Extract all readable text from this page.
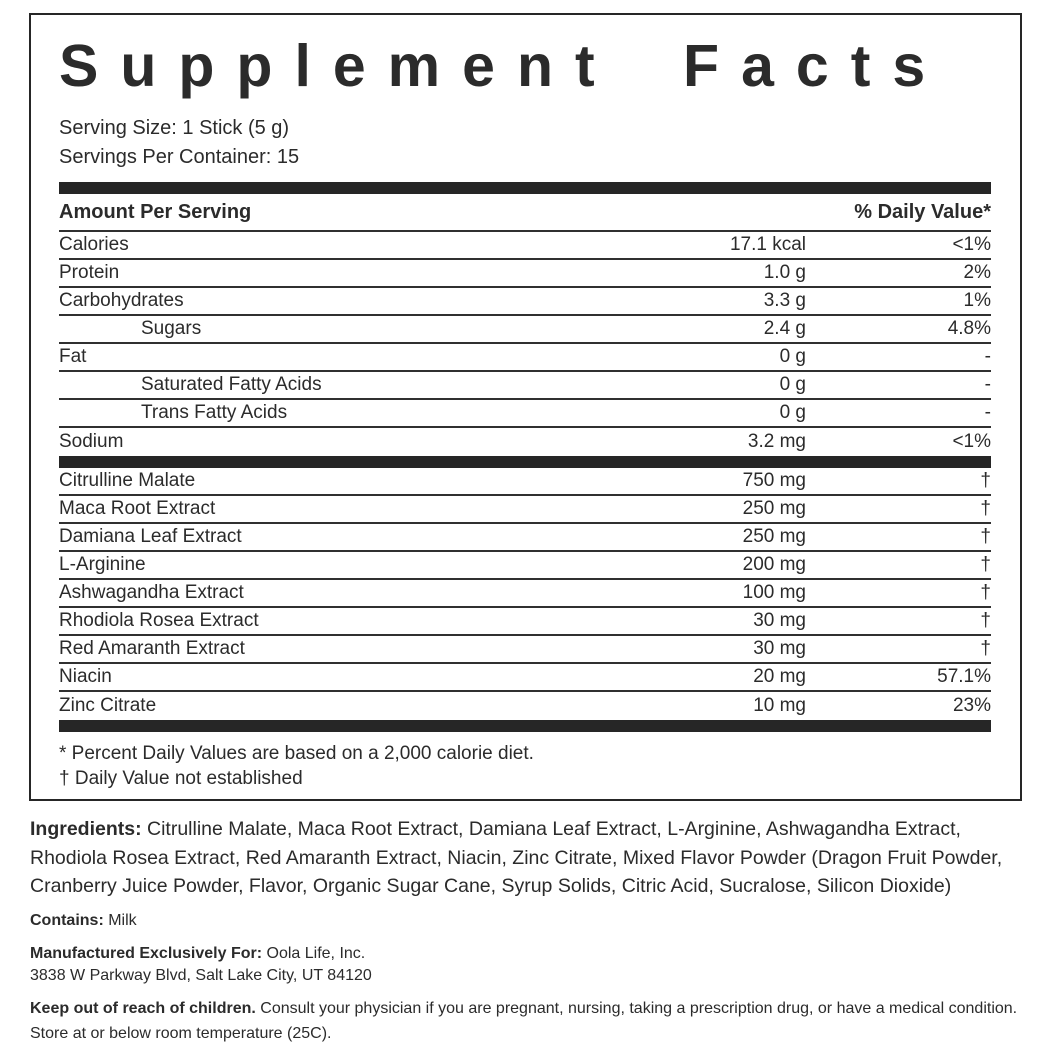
Supplement Facts
Serving Size: 1 Stick (5 g)
Servings Per Container: 15
Amount Per Serving	% Daily Value*
Calories	17.1 kcal	<1%
Protein	1.0 g	2%
Carbohydrates	3.3 g	1%
Sugars	2.4 g	4.8%
Fat	0 g	-
Saturated Fatty Acids	0 g	-
Trans Fatty Acids	0 g	-
Sodium	3.2 mg	<1%
Citrulline Malate	750 mg	†
Maca Root Extract	250 mg	†
Damiana Leaf Extract	250 mg	†
L-Arginine	200 mg	†
Ashwagandha Extract	100 mg	†
Rhodiola Rosea Extract	30 mg	†
Red Amaranth Extract	30 mg	†
Niacin	20 mg	57.1%
Zinc Citrate	10 mg	23%
* Percent Daily Values are based on a 2,000 calorie diet.
† Daily Value not established

Ingredients: Citrulline Malate, Maca Root Extract, Damiana Leaf Extract, L-Arginine, Ashwagandha Extract, Rhodiola Rosea Extract, Red Amaranth Extract, Niacin, Zinc Citrate, Mixed Flavor Powder (Dragon Fruit Powder, Cranberry Juice Powder, Flavor, Organic Sugar Cane, Syrup Solids, Citric Acid, Sucralose, Silicon Dioxide)

Contains: Milk

Manufactured Exclusively For: Oola Life, Inc.

3838 W Parkway Blvd, Salt Lake City, UT 84120

Keep out of reach of children. Consult your physician if you are pregnant, nursing, taking a prescription drug, or have a medical condition.
Store at or below room temperature (25C).
